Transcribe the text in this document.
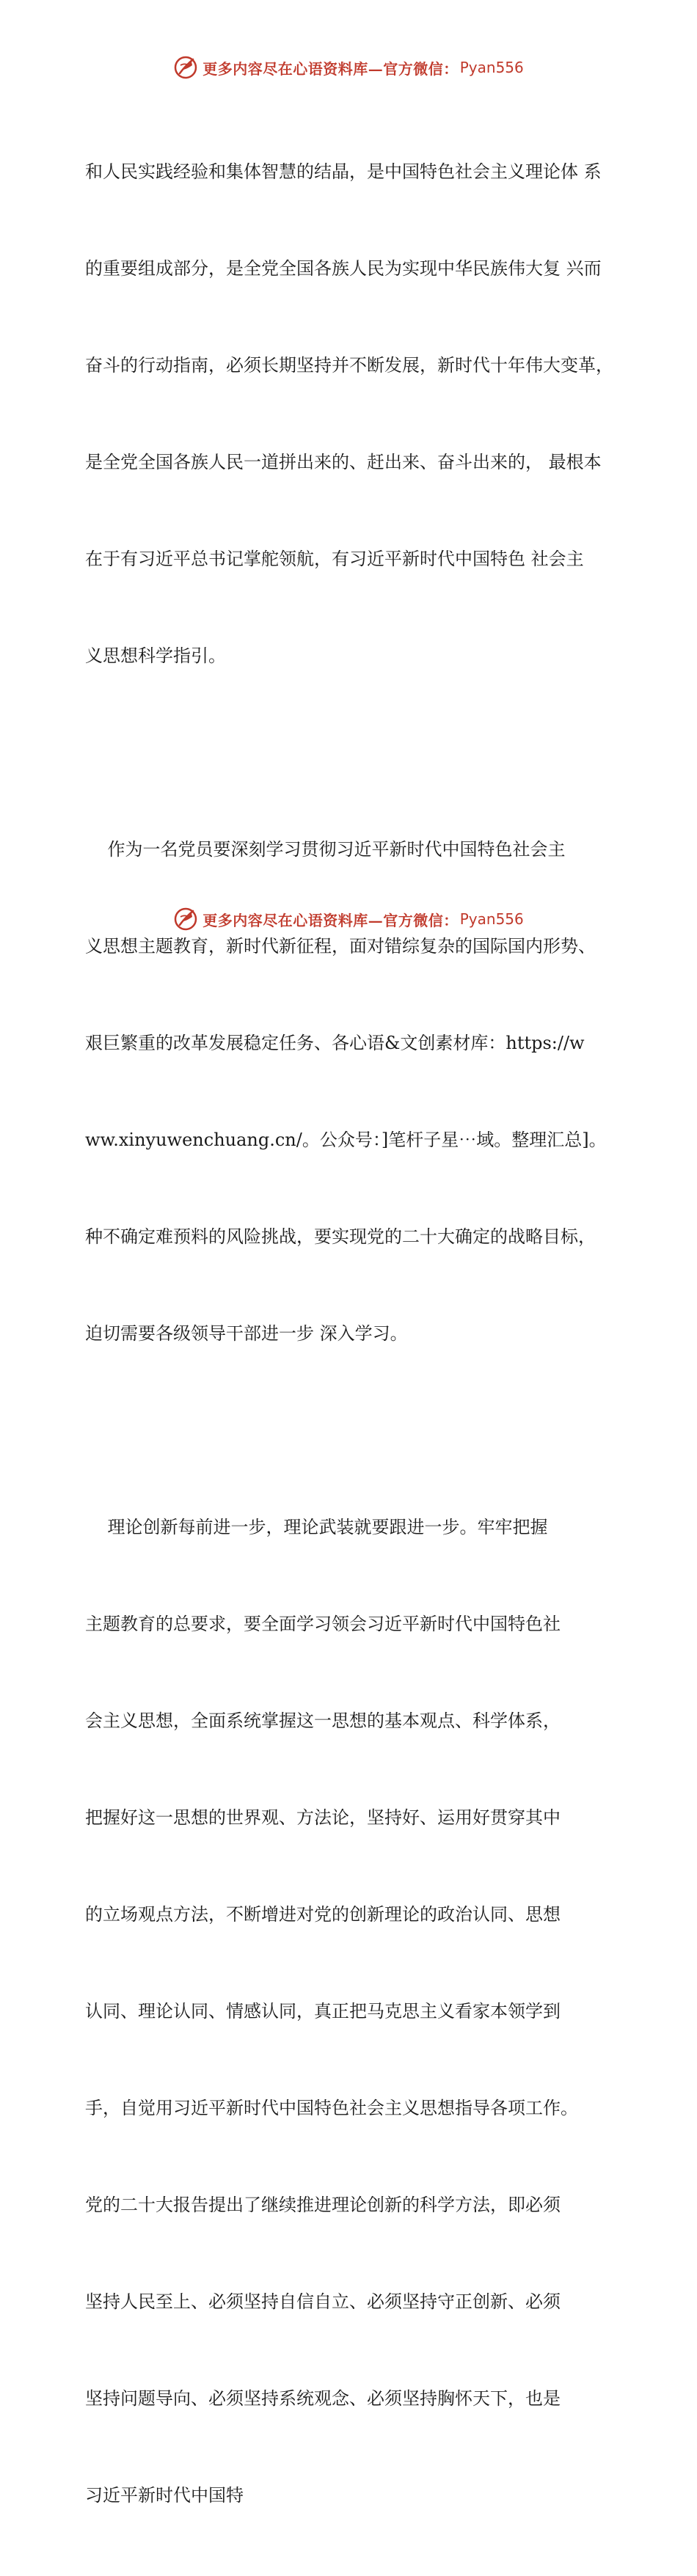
更多内容尽在心语资料库—官方微信： Pyan556

和人民实践经验和集体智慧的结晶，是中国特色社会主义理论体 系

的重要组成部分，是全党全国各族人民为实现中华民族伟大复 兴而

奋斗的行动指南，必须长期坚持并不断发展，新时代十年伟大变革，

是全党全国各族人民一道拼出来的、赶出来、奋斗出来的， 最根本

在于有习近平总书记掌舵领航，有习近平新时代中国特色 社会主

义思想科学指引。

作为一名党员要深刻学习贯彻习近平新时代中国特色社会主

义思想主题教育，新时代新征程，面对错综复杂的国际国内形势、

艰巨繁重的改革发展稳定任务、各心语&文创素材库：https://w

ww.xinyuwenchuang.cn/。公众号：]笔杆子星⋯域。整理汇总]。

种不确定难预料的风险挑战，要实现党的二十大确定的战略目标，

迫切需要各级领导干部进一步 深入学习。

理论创新每前进一步，理论武装就要跟进一步。牢牢把握

主题教育的总要求，要全面学习领会习近平新时代中国特色社

会主义思想，全面系统掌握这一思想的基本观点、科学体系，

把握好这一思想的世界观、方法论，坚持好、运用好贯穿其中

的立场观点方法，不断增进对党的创新理论的政治认同、思想

认同、理论认同、情感认同，真正把马克思主义看家本领学到

手，自觉用习近平新时代中国特色社会主义思想指导各项工作。

党的二十大报告提出了继续推进理论创新的科学方法，即必须

坚持人民至上、必须坚持自信自立、必须坚持守正创新、必须

坚持问题导向、必须坚持系统观念、必须坚持胸怀天下，也是

习近平新时代中国特

更多内容尽在心语资料库—官方微信： Pyan556
